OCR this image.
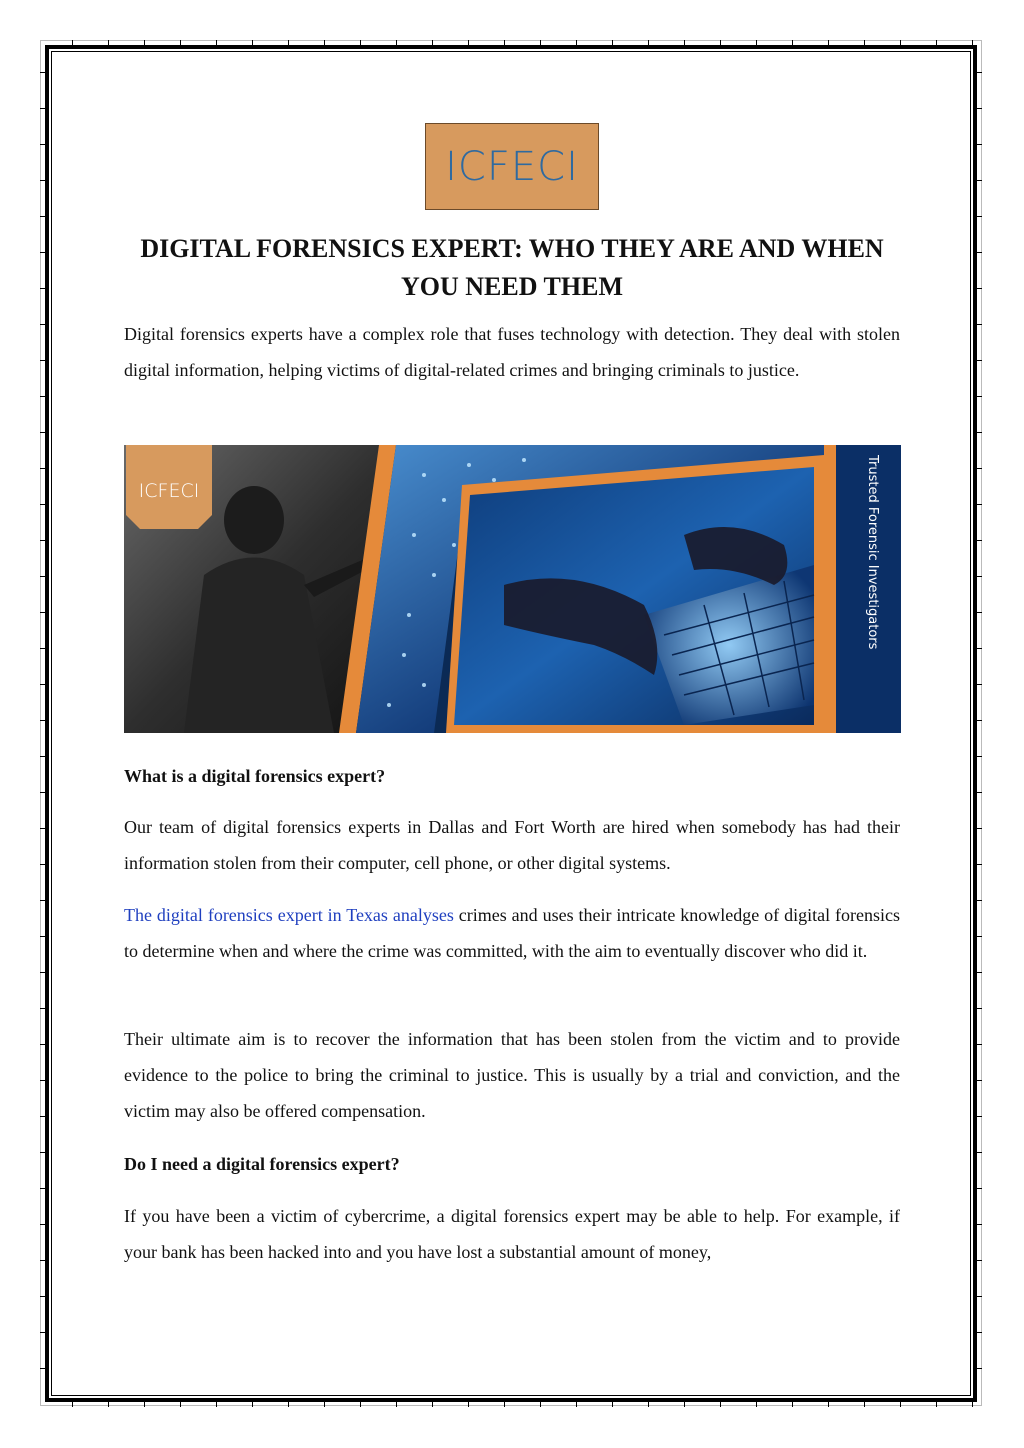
ICFECI
DIGITAL FORENSICS EXPERT: WHO THEY ARE AND WHEN YOU NEED THEM

Digital forensics experts have a complex role that fuses technology with detection. They deal with stolen digital information, helping victims of digital-related crimes and bringing criminals to justice.

Trusted Forensic Investigators
ICFECI
What is a digital forensics expert?

Our team of digital forensics experts in Dallas and Fort Worth are hired when somebody has had their information stolen from their computer, cell phone, or other digital systems.

The digital forensics expert in Texas analyses crimes and uses their intricate knowledge of digital forensics to determine when and where the crime was committed, with the aim to eventually discover who did it.

Their ultimate aim is to recover the information that has been stolen from the victim and to provide evidence to the police to bring the criminal to justice. This is usually by a trial and conviction, and the victim may also be offered compensation.

Do I need a digital forensics expert?

If you have been a victim of cybercrime, a digital forensics expert may be able to help. For example, if your bank has been hacked into and you have lost a substantial amount of money,
